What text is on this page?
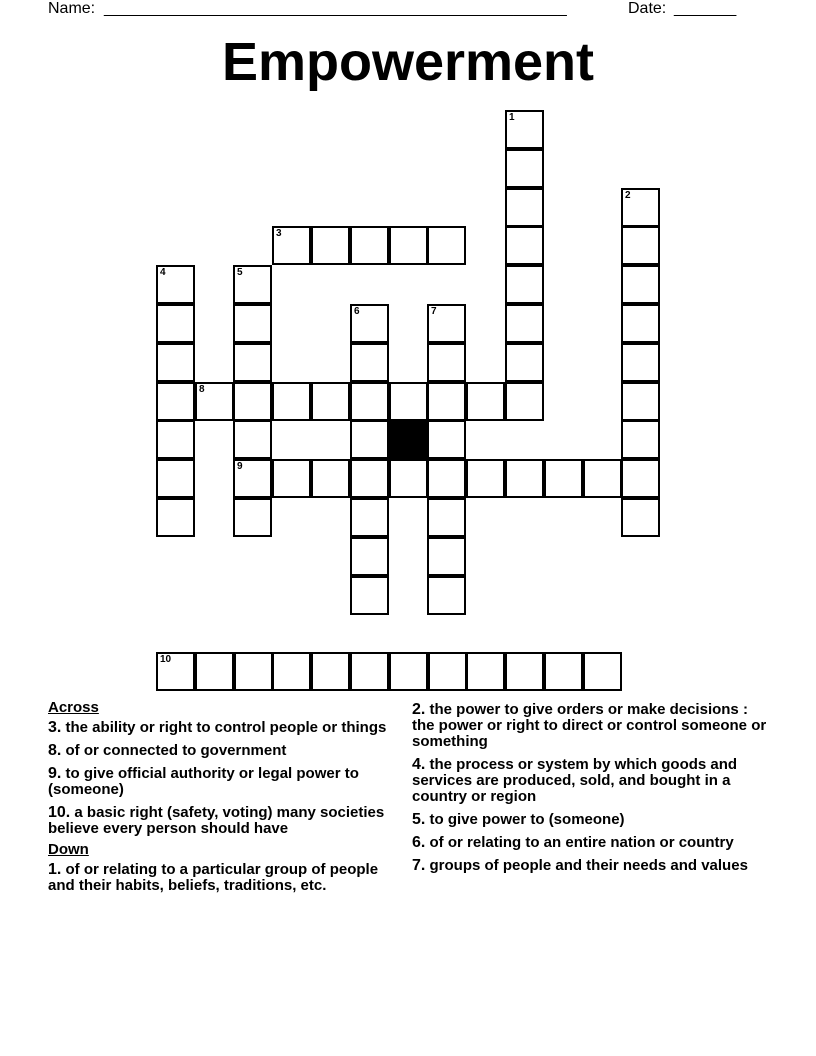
Name: ____________________________________________________	Date: _______
Empowerment
1
2
3
4	5
6	7
8
9
10
Across
3. the ability or right to control people or things
8. of or connected to government
9. to give official authority or legal power to (someone)
10. a basic right (safety, voting) many societies believe every person should have
Down
1. of or relating to a particular group of people and their habits, beliefs, traditions, etc.
2. the power to give orders or make decisions : the power or right to direct or control someone or something
4. the process or system by which goods and services are produced, sold, and bought in a country or region
5. to give power to (someone)
6. of or relating to an entire nation or country
7. groups of people and their needs and values
